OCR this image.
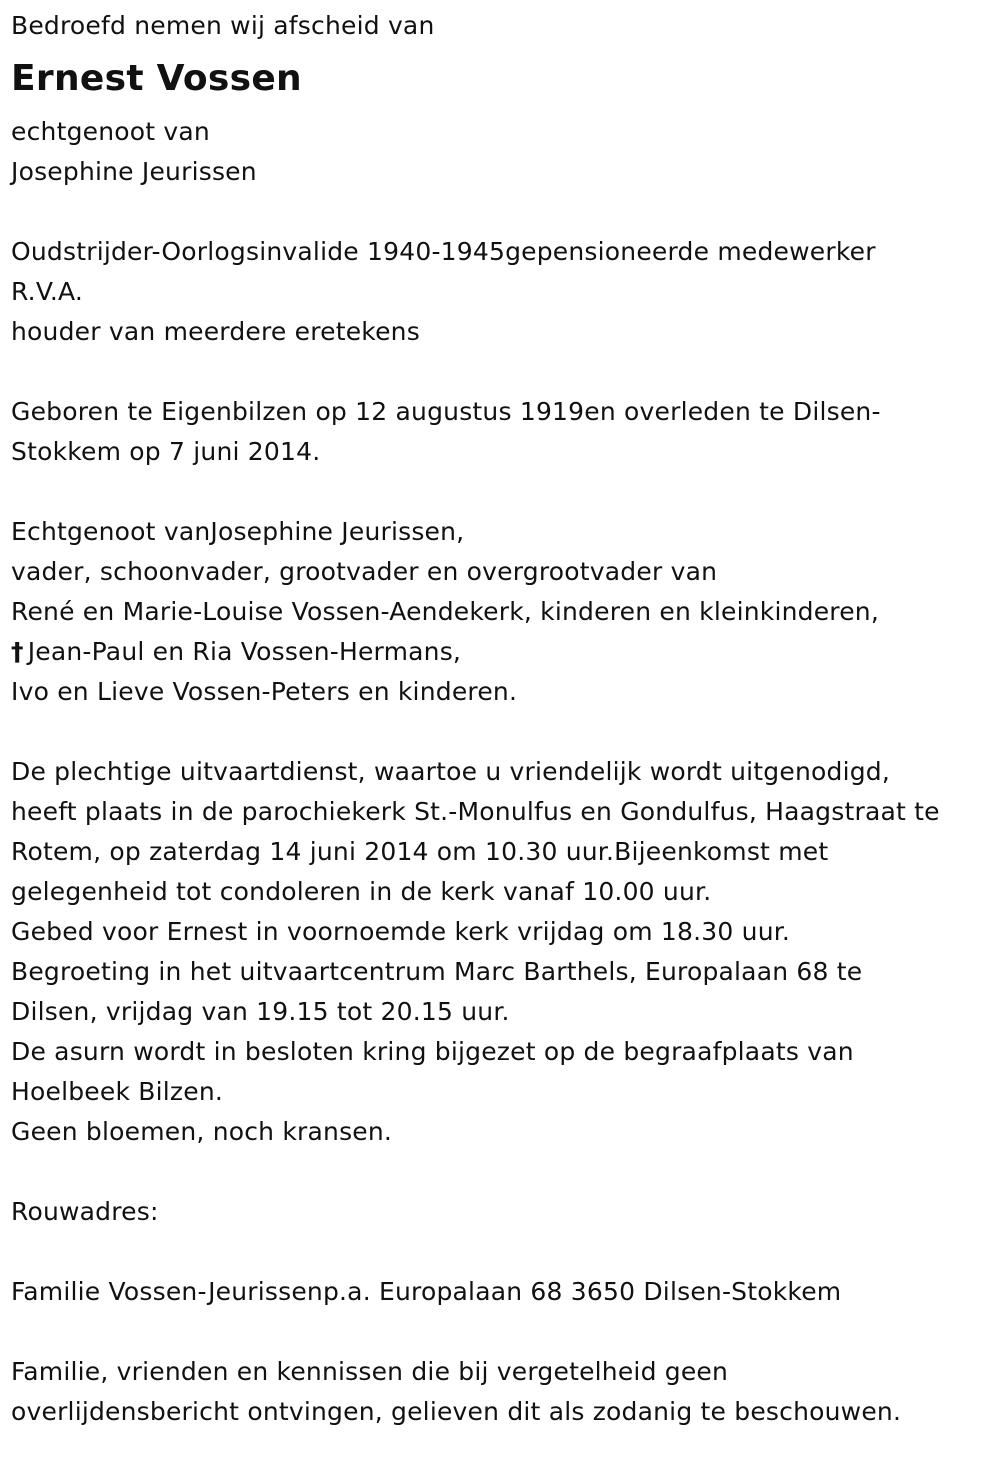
Bedroefd nemen wij afscheid van
Ernest Vossen
echtgenoot van
Josephine Jeurissen
Oudstrijder-Oorlogsinvalide 1940-1945gepensioneerde medewerker
R.V.A.
houder van meerdere eretekens
Geboren te Eigenbilzen op 12 augustus 1919en overleden te Dilsen-
Stokkem op 7 juni 2014.
Echtgenoot vanJosephine Jeurissen,
vader, schoonvader, grootvader en overgrootvader van
René en Marie-Louise Vossen-Aendekerk, kinderen en kleinkinderen,
† Jean-Paul en Ria Vossen-Hermans,
Ivo en Lieve Vossen-Peters en kinderen.
De plechtige uitvaartdienst, waartoe u vriendelijk wordt uitgenodigd,
heeft plaats in de parochiekerk St.-Monulfus en Gondulfus, Haagstraat te
Rotem, op zaterdag 14 juni 2014 om 10.30 uur.Bijeenkomst met
gelegenheid tot condoleren in de kerk vanaf 10.00 uur.
Gebed voor Ernest in voornoemde kerk vrijdag om 18.30 uur.
Begroeting in het uitvaartcentrum Marc Barthels, Europalaan 68 te
Dilsen, vrijdag van 19.15 tot 20.15 uur.
De asurn wordt in besloten kring bijgezet op de begraafplaats van
Hoelbeek Bilzen.
Geen bloemen, noch kransen.
Rouwadres:
Familie Vossen-Jeurissenp.a. Europalaan 68 3650 Dilsen-Stokkem
Familie, vrienden en kennissen die bij vergetelheid geen
overlijdensbericht ontvingen, gelieven dit als zodanig te beschouwen.
